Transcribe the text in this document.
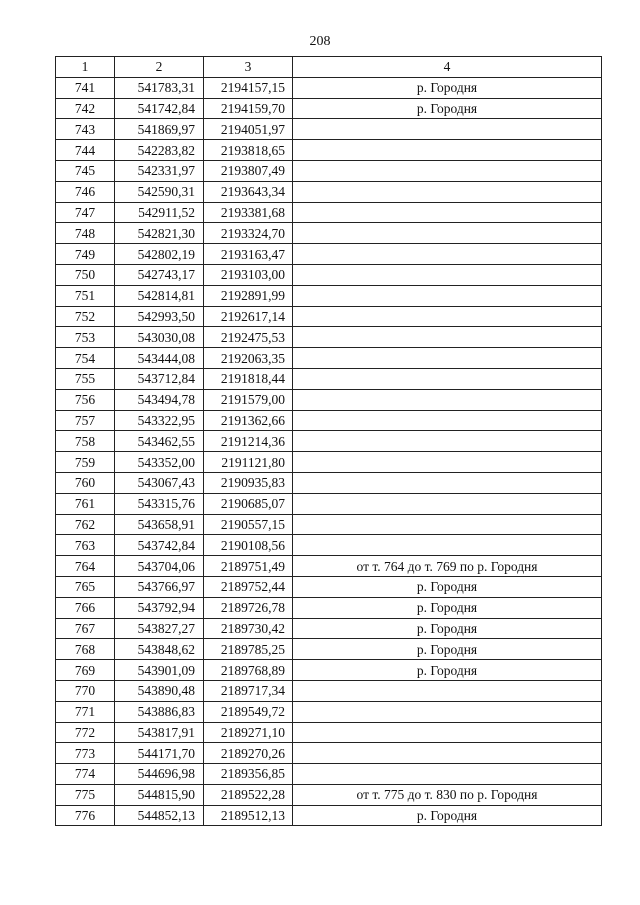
208
1	2	3	4
741	541783,31	2194157,15	р. Городня
742	541742,84	2194159,70	р. Городня
743	541869,97	2194051,97	
744	542283,82	2193818,65	
745	542331,97	2193807,49	
746	542590,31	2193643,34	
747	542911,52	2193381,68	
748	542821,30	2193324,70	
749	542802,19	2193163,47	
750	542743,17	2193103,00	
751	542814,81	2192891,99	
752	542993,50	2192617,14	
753	543030,08	2192475,53	
754	543444,08	2192063,35	
755	543712,84	2191818,44	
756	543494,78	2191579,00	
757	543322,95	2191362,66	
758	543462,55	2191214,36	
759	543352,00	2191121,80	
760	543067,43	2190935,83	
761	543315,76	2190685,07	
762	543658,91	2190557,15	
763	543742,84	2190108,56	
764	543704,06	2189751,49	от т. 764 до т. 769 по р. Городня
765	543766,97	2189752,44	р. Городня
766	543792,94	2189726,78	р. Городня
767	543827,27	2189730,42	р. Городня
768	543848,62	2189785,25	р. Городня
769	543901,09	2189768,89	р. Городня
770	543890,48	2189717,34	
771	543886,83	2189549,72	
772	543817,91	2189271,10	
773	544171,70	2189270,26	
774	544696,98	2189356,85	
775	544815,90	2189522,28	от т. 775 до т. 830 по р. Городня
776	544852,13	2189512,13	р. Городня
